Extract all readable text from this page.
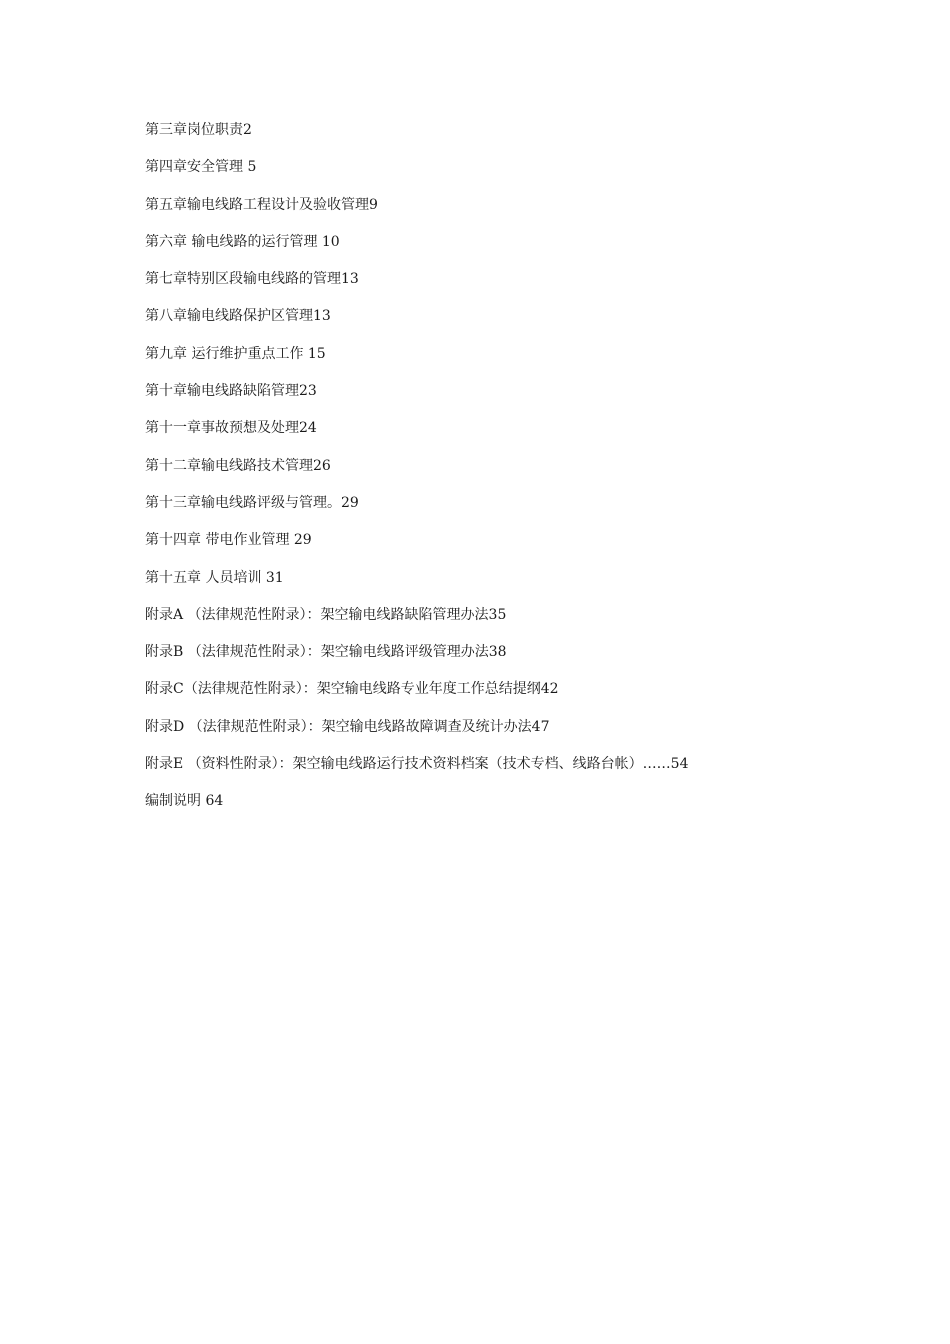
第三章岗位职责2
第四章安全管理 5
第五章输电线路工程设计及验收管理9
第六章 输电线路的运行管理 10
第七章特别区段输电线路的管理13
第八章输电线路保护区管理13
第九章 运行维护重点工作 15
第十章输电线路缺陷管理23
第十一章事故预想及处理24
第十二章输电线路技术管理26
第十三章输电线路评级与管理。29
第十四章 带电作业管理 29
第十五章 人员培训 31
附录A （法律规范性附录）：架空输电线路缺陷管理办法35
附录B （法律规范性附录）：架空输电线路评级管理办法38
附录C（法律规范性附录）：架空输电线路专业年度工作总结提纲42
附录D （法律规范性附录）：架空输电线路故障调查及统计办法47
附录E （资料性附录）：架空输电线路运行技术资料档案（技术专档、线路台帐）……54
编制说明 64
